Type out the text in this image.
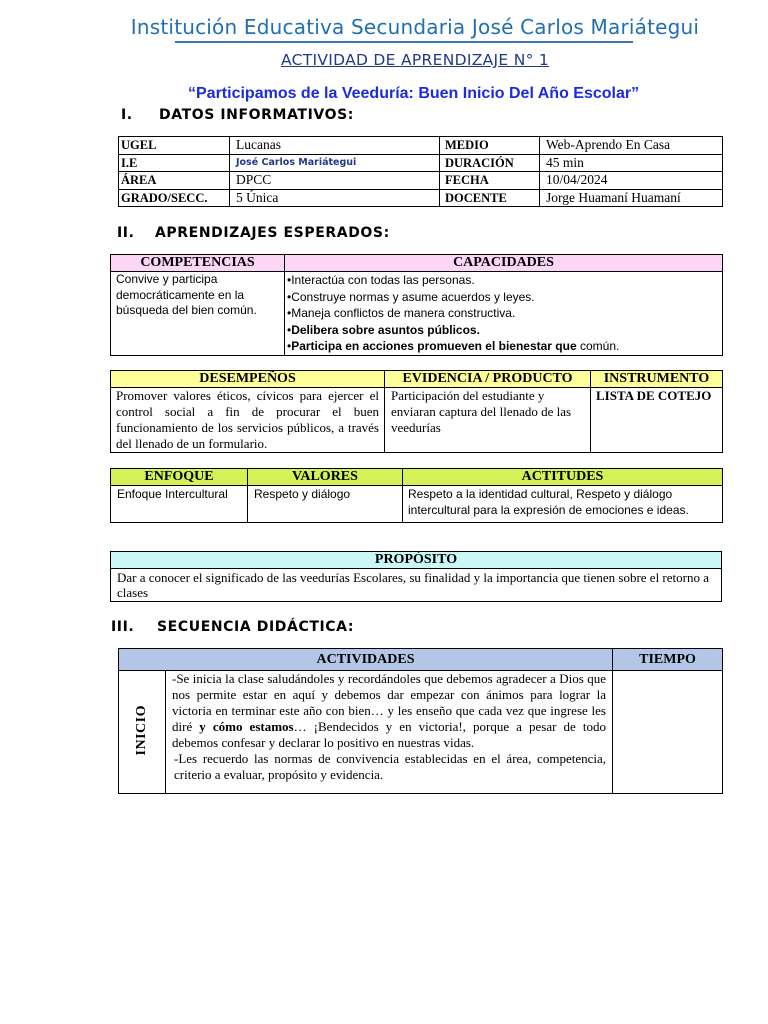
Institución Educativa Secundaria José Carlos Mariátegui
ACTIVIDAD DE APRENDIZAJE N° 1
“Participamos de la Veeduría: Buen Inicio Del Año Escolar”
I. DATOS INFORMATIVOS:
UGEL	Lucanas	MEDIO	Web-Aprendo En Casa
I.E	José Carlos Mariátegui	DURACIÓN	45 min
ÁREA	DPCC	FECHA	10/04/2024
GRADO/SECC.	5 Única	DOCENTE	Jorge Huamaní Huamaní
II. APRENDIZAJES ESPERADOS:
COMPETENCIAS	CAPACIDADES
Convive y participa democráticamente en la búsqueda del bien común.	•Interactúa con todas las personas.
•Construye normas y asume acuerdos y leyes.
•Maneja conflictos de manera constructiva.
•Delibera sobre asuntos públicos.
•Participa en acciones promueven el bienestar que común.
DESEMPEÑOS	EVIDENCIA / PRODUCTO	INSTRUMENTO
Promover valores éticos, cívicos para ejercer el control social a fin de procurar el buen funcionamiento de los servicios públicos, a través del llenado de un formulario.	Participación del estudiante y enviaran captura del llenado de las veedurías	LISTA DE COTEJO
ENFOQUE	VALORES	ACTITUDES
Enfoque Intercultural	Respeto y diálogo	Respeto a la identidad cultural, Respeto y diálogo intercultural para la expresión de emociones e ideas.
PROPÓSITO
Dar a conocer el significado de las veedurías Escolares, su finalidad y la importancia que tienen sobre el retorno a clases
III. SECUENCIA DIDÁCTICA:
ACTIVIDADES		TIEMPO
INICIO	-Se inicia la clase saludándoles y recordándoles que debemos agradecer a Dios que nos permite estar en aquí y debemos dar empezar con ánimos para lograr la victoria en terminar este año con bien… y les enseño que cada vez que ingrese les diré y cómo estamos… ¡Bendecidos y en victoria!, porque a pesar de todo debemos confesar y declarar lo positivo en nuestras vidas.
-Les recuerdo las normas de convivencia establecidas en el área, competencia, criterio a evaluar, propósito y evidencia.	
